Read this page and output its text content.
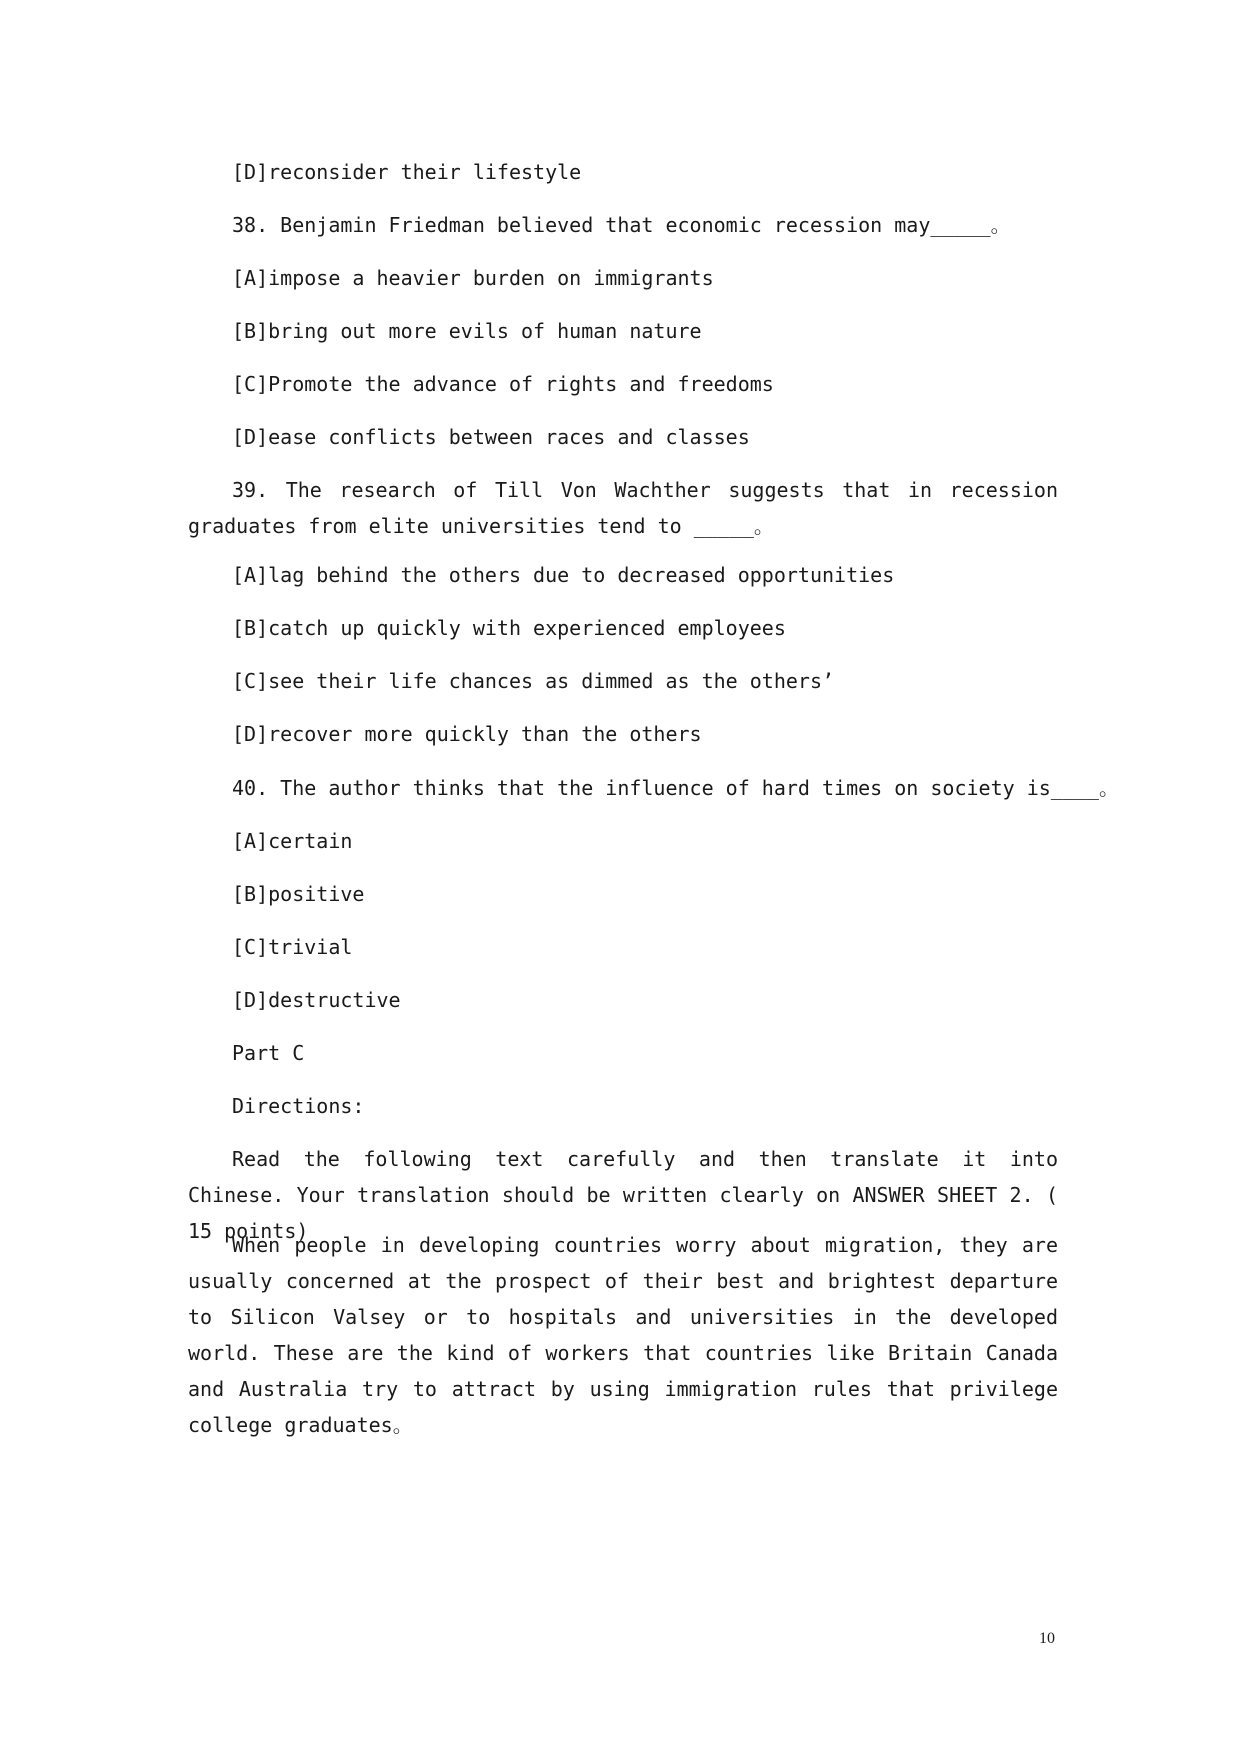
[D]reconsider their lifestyle
38. Benjamin Friedman believed that economic recession may_____。
[A]impose a heavier burden on immigrants
[B]bring out more evils of human nature
[C]Promote the advance of rights and freedoms
[D]ease conflicts between races and classes
39. The research of Till Von Wachther suggests that in recession graduates from elite universities tend to _____。
[A]lag behind the others due to decreased opportunities
[B]catch up quickly with experienced employees
[C]see their life chances as dimmed as the others’
[D]recover more quickly than the others
40. The author thinks that the influence of hard times on society is____。
[A]certain
[B]positive
[C]trivial
[D]destructive
Part C
Directions:
Read the following text carefully and then translate it into Chinese. Your translation should be written clearly on ANSWER SHEET 2. ( 15 points)
When people in developing countries worry about migration, they are usually concerned at the prospect of their best and brightest departure to Silicon Valsey or to hospitals and universities in the developed world. These are the kind of workers that countries like Britain Canada and Australia try to attract by using immigration rules that privilege college graduates。
10
